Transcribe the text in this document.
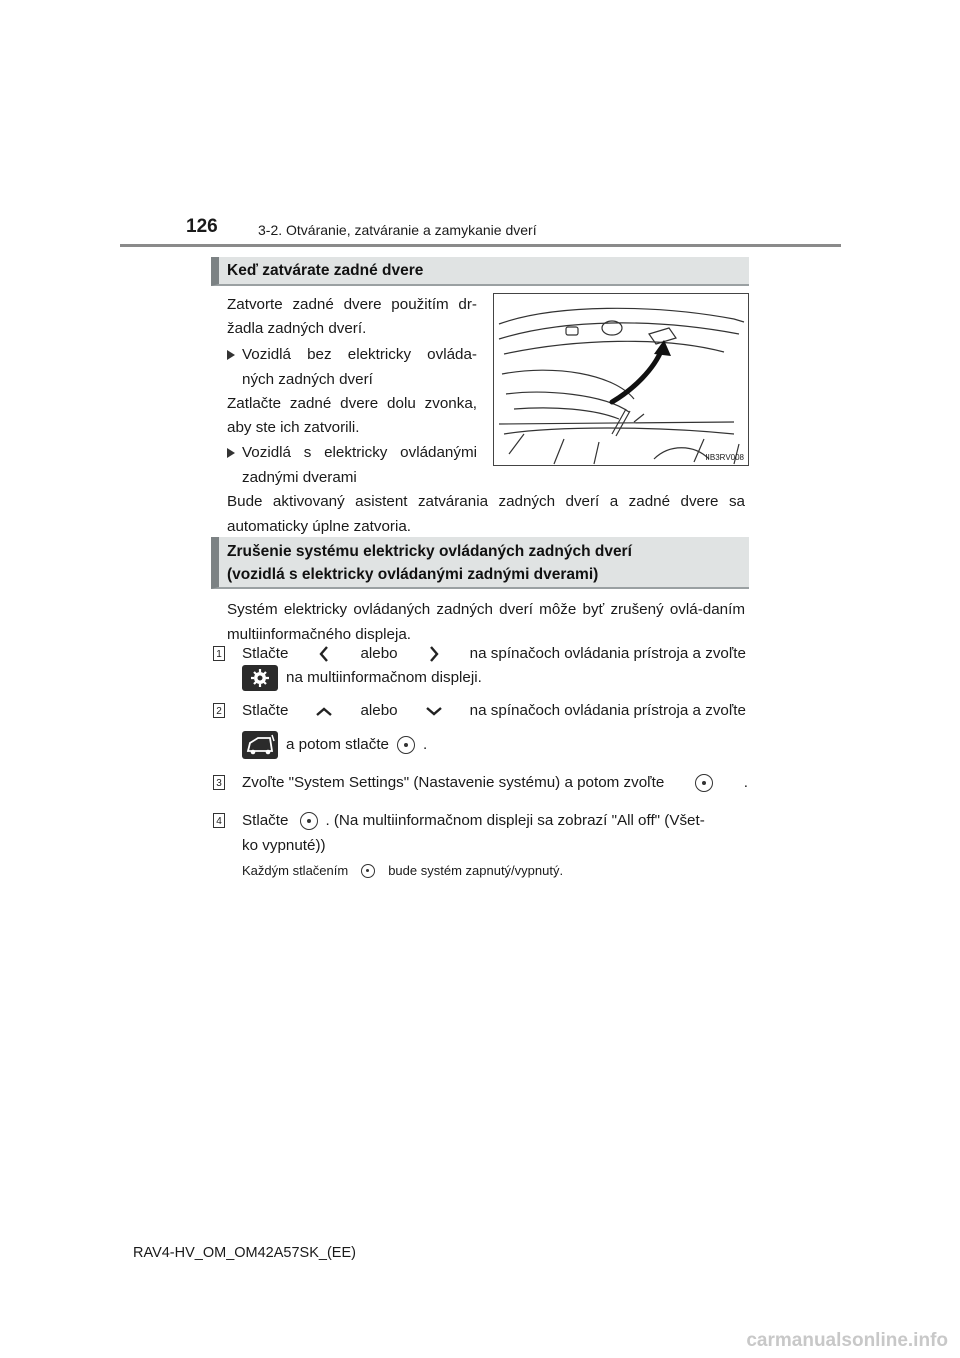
126	3-2. Otváranie, zatváranie a zamykanie dverí
Keď zatvárate zadné dvere
Zatvorte zadné dvere použitím dr-
žadla zadných dverí.
Vozidlá bez elektricky ovláda-
ných zadných dverí
Zatlačte zadné dvere dolu zvonka,
aby ste ich zatvorili.
Vozidlá s elektricky ovládanými
zadnými dverami
Bude aktivovaný asistent zatvárania zadných dverí a zadné dvere sa automaticky úplne zatvoria.
IIB3RV008
Zrušenie systému elektricky ovládaných zadných dverí
(vozidlá s elektricky ovládanými zadnými dverami)
Systém elektricky ovládaných zadných dverí môže byť zrušený ovlá-daním multiinformačného displeja.
1 Stlačte	alebo	na spínačoch ovládania prístroja a zvoľte
na multiinformačnom displeji.
2 Stlačte	alebo	na spínačoch ovládania prístroja a zvoľte
a potom stlačte .
3 Zvoľte "System Settings" (Nastavenie systému) a potom zvoľte	.
4 Stlačte . (Na multiinformačnom displeji sa zobrazí "All off" (Všet-
ko vypnuté))
Každým stlačením	bude systém zapnutý/vypnutý.
RAV4-HV_OM_OM42A57SK_(EE)
carmanualsonline.info
